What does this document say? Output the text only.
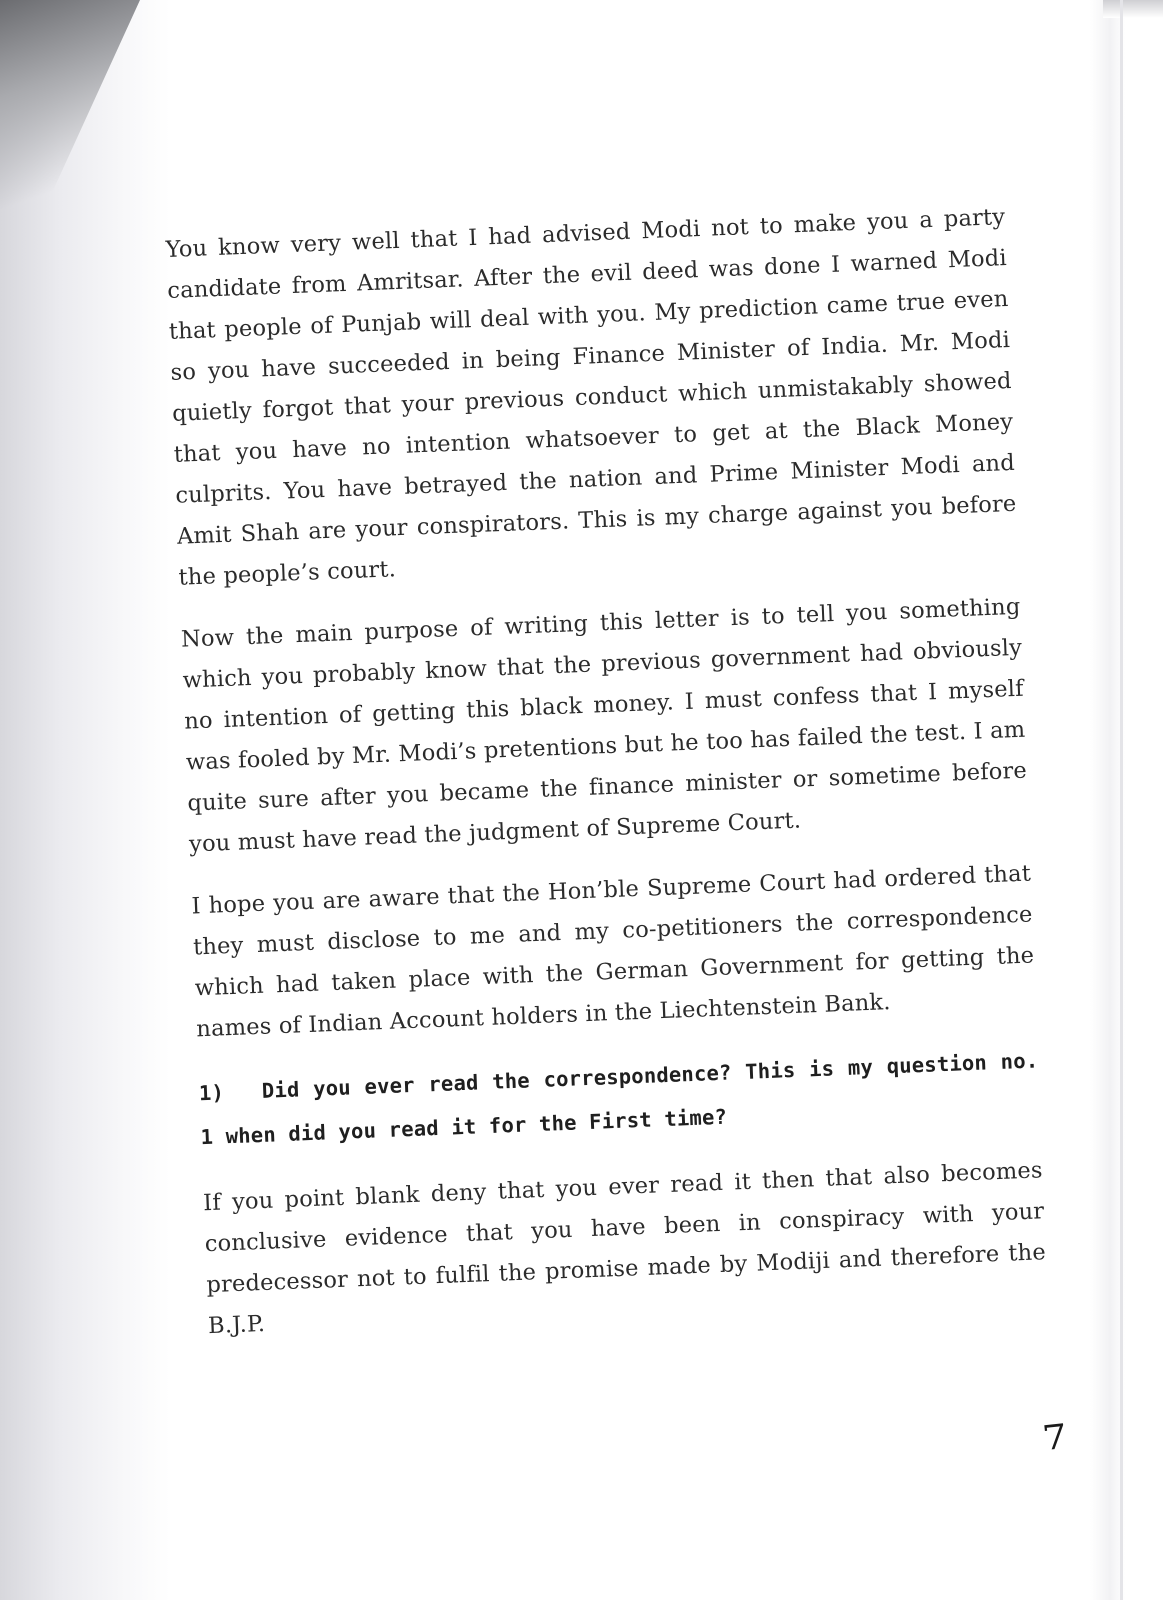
You know very well that I had advised Modi not to make you a party candidate from Amritsar. After the evil deed was done I warned Modi that people of Punjab will deal with you. My prediction came true even so you have succeeded in being Finance Minister of India. Mr. Modi quietly forgot that your previous conduct which unmistakably showed that you have no intention whatsoever to get at the Black Money culprits. You have betrayed the nation and Prime Minister Modi and Amit Shah are your conspirators. This is my charge against you before the people’s court.

Now the main purpose of writing this letter is to tell you something which you probably know that the previous government had obviously no intention of getting this black money. I must confess that I myself was fooled by Mr. Modi’s pretentions but he too has failed the test. I am quite sure after you became the finance minister or sometime before you must have read the judgment of Supreme Court.

I hope you are aware that the Hon’ble Supreme Court had ordered that they must disclose to me and my co-petitioners the correspondence which had taken place with the German Government for getting the names of Indian Account holders in the Liechtenstein Bank.

1) Did you ever read the correspondence? This is my question no. 1 when did you read it for the First time?

If you point blank deny that you ever read it then that also becomes conclusive evidence that you have been in conspiracy with your predecessor not to fulfil the promise made by Modiji and therefore the B.J.P.

7
